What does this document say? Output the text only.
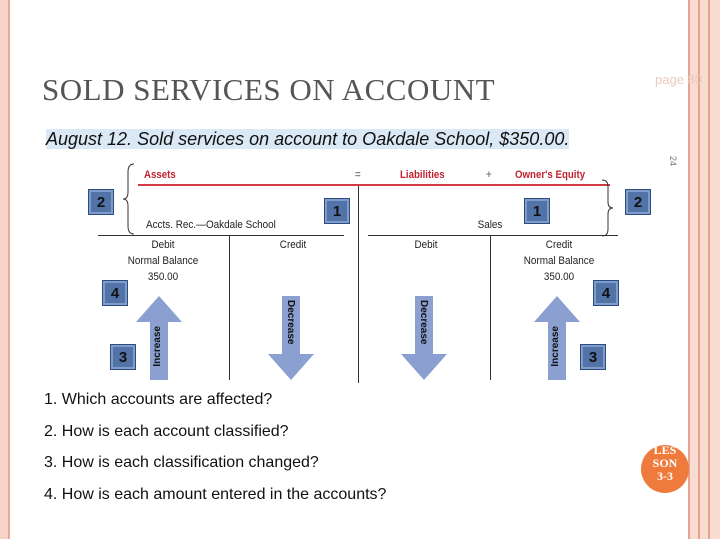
SOLD SERVICES ON ACCOUNT	page 80
24
August 12. Sold services on account to Oakdale School, $350.00.
Assets	=	Liabilities	+ Owner's Equity
Accts. Rec.—Oakdale School
Debit
Normal Balance
350.00
Credit
Sales
Debit	Credit
Normal Balance
350.00
2
1	1
2
4	4
3	3
Increase
Decrease	Decrease
Increase
1. Which accounts are affected?
2. How is each account classified?
3. How is each classification changed?
4. How is each amount entered in the accounts?
LES
SON
3-3
